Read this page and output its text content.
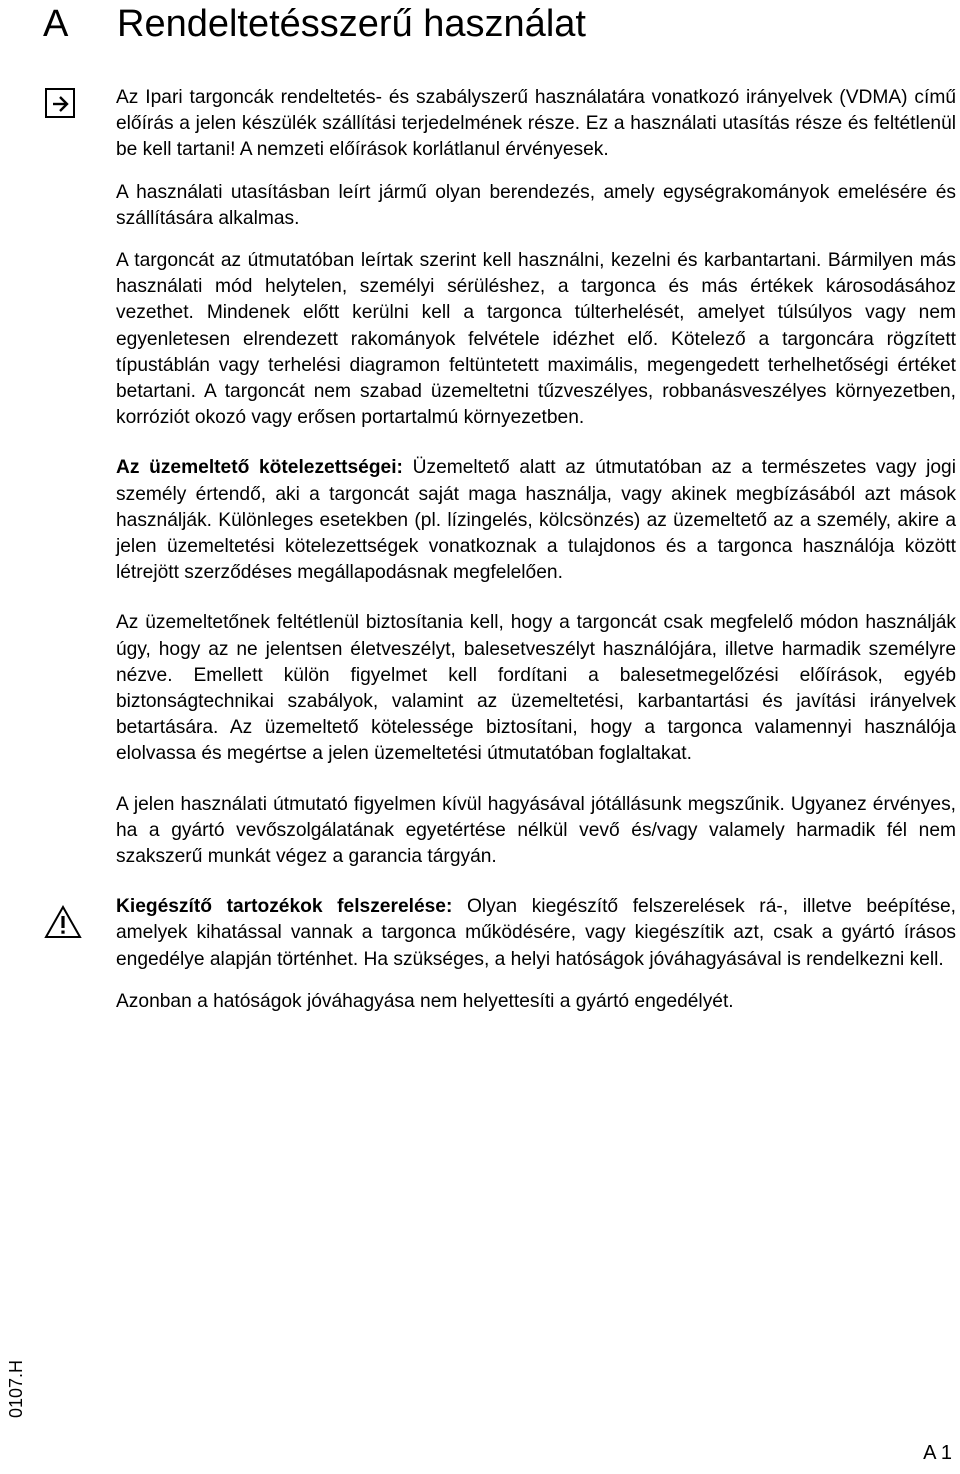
A Rendeltetésszerű használat

Az Ipari targoncák rendeltetés- és szabályszerű használatára vonatkozó irányelvek (VDMA) című előírás a jelen készülék szállítási terjedelmének része. Ez a használati utasítás része és feltétlenül be kell tartani! A nemzeti előírások korlátlanul érvényesek.

A használati utasításban leírt jármű olyan berendezés, amely egységrakományok emelésére és szállítására alkalmas.

A targoncát az útmutatóban leírtak szerint kell használni, kezelni és karbantartani. Bármilyen más használati mód helytelen, személyi sérüléshez, a targonca és más értékek károsodásához vezethet. Mindenek előtt kerülni kell a targonca túlterhelését, amelyet túlsúlyos vagy nem egyenletesen elrendezett rakományok felvétele idézhet elő. Kötelező a targoncára rögzített típustáblán vagy terhelési diagramon feltüntetett maximális, megengedett terhelhetőségi értéket betartani. A targoncát nem szabad üzemeltetni tűzveszélyes, robbanásveszélyes környezetben, korróziót okozó vagy erősen portartalmú környezetben.

Az üzemeltető kötelezettségei: Üzemeltető alatt az útmutatóban az a természetes vagy jogi személy értendő, aki a targoncát saját maga használja, vagy akinek megbízásából azt mások használják. Különleges esetekben (pl. lízingelés, kölcsönzés) az üzemeltető az a személy, akire a jelen üzemeltetési kötelezettségek vonatkoznak a tulajdonos és a targonca használója között létrejött szerződéses megállapodásnak megfelelően.

Az üzemeltetőnek feltétlenül biztosítania kell, hogy a targoncát csak megfelelő módon használják úgy, hogy az ne jelentsen életveszélyt, balesetveszélyt használójára, illetve harmadik személyre nézve. Emellett külön figyelmet kell fordítani a balesetmegelőzési előírások, egyéb biztonságtechnikai szabályok, valamint az üzemeltetési, karbantartási és javítási irányelvek betartására. Az üzemeltető kötelessége biztosítani, hogy a targonca valamennyi használója elolvassa és megértse a jelen üzemeltetési útmutatóban foglaltakat.

A jelen használati útmutató figyelmen kívül hagyásával jótállásunk megszűnik. Ugyanez érvényes, ha a gyártó vevőszolgálatának egyetértése nélkül vevő és/vagy valamely harmadik fél nem szakszerű munkát végez a garancia tárgyán.

Kiegészítő tartozékok felszerelése: Olyan kiegészítő felszerelések rá-, illetve beépítése, amelyek kihatással vannak a targonca működésére, vagy kiegészítik azt, csak a gyártó írásos engedélye alapján történhet. Ha szükséges, a helyi hatóságok jóváhagyásával is rendelkezni kell.

Azonban a hatóságok jóváhagyása nem helyettesíti a gyártó engedélyét.

0107.H
A 1
